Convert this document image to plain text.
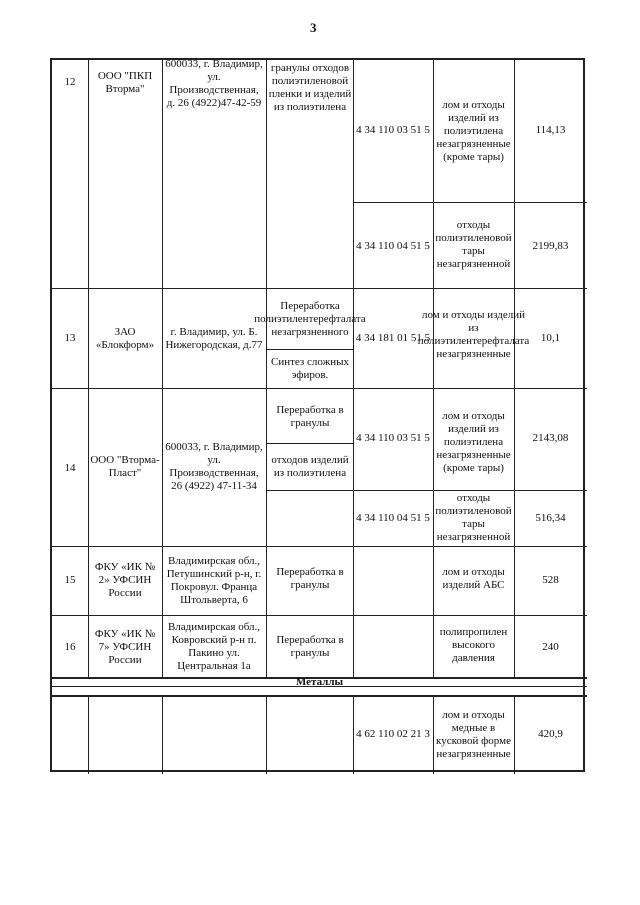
3
12
ООО "ПКП Вторма"
600033, г. Владимир, ул. Производственная, д. 26 (4922)47-42-59
гранулы отходов полиэтиленовой пленки и изделий из полиэтилена
4 34 110 03 51 5
лом и отходы изделий из полиэтилена незагрязненные (кроме тары)
114,13
4 34 110 04 51 5
отходы полиэтиленовой тары незагрязненной
2199,83
13	ЗАО «Блокформ»
г. Владимир, ул. Б. Нижегородская, д.77
Переработка полиэтилентерефталата незагрязненного
Синтез сложных эфиров.
4 34 181 01 51 5
лом и отходы изделий из полиэтилентерефталата незагрязненные
10,1
14
ООО "Вторма-Пласт"
600033, г. Владимир, ул. Производственная, 26 (4922) 47-11-34
Переработка в гранулы
отходов изделий из полиэтилена
4 34 110 03 51 5
лом и отходы изделий из полиэтилена незагрязненные (кроме тары)
2143,08
4 34 110 04 51 5
отходы полиэтиленовой тары незагрязненной
516,34
15
ФКУ «ИК № 2» УФСИН России
Владимирская обл., Петушинский р-н, г. Покровул. Франца Штольверта, 6
Переработка в гранулы
лом и отходы изделий АБС	528
16
ФКУ «ИК № 7» УФСИН России
Владимирская обл., Ковровский р-н п. Пакино ул. Центральная 1а
Переработка в гранулы
полипропилен высокого давления
240
Металлы
4 62 110 02 21 3
лом и отходы медные в кусковой форме незагрязненные
420,9
